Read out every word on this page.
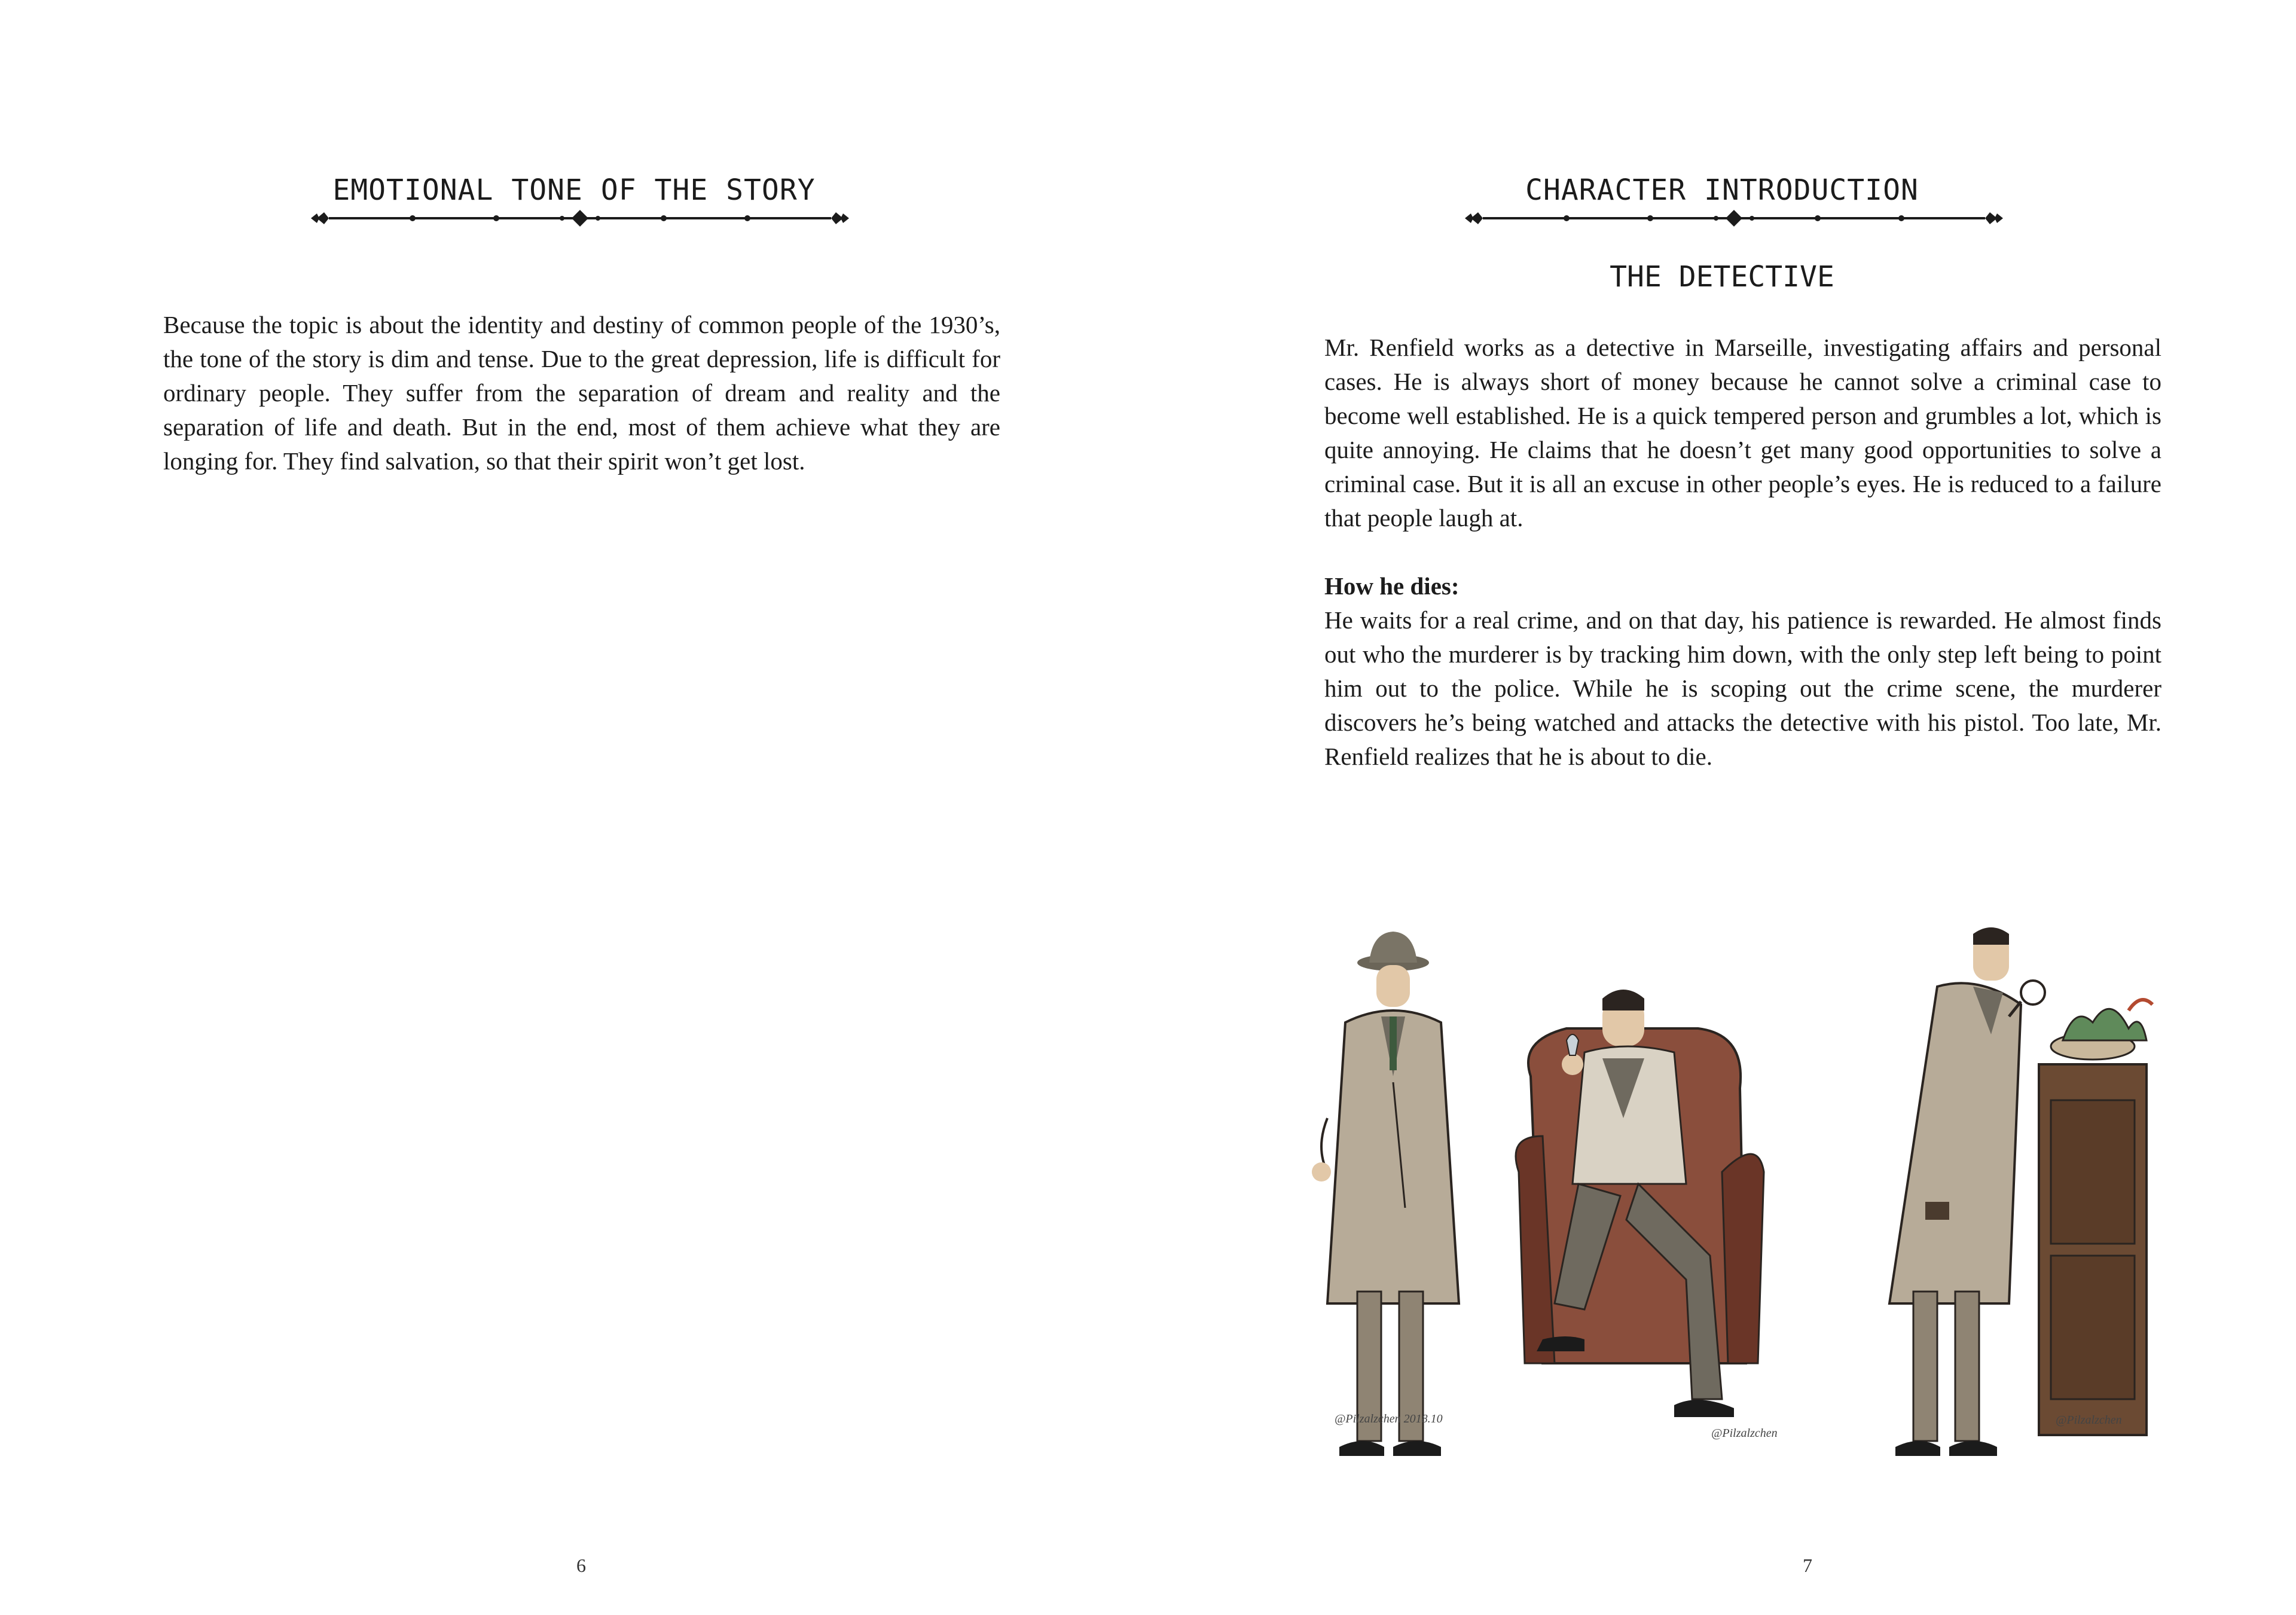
EMOTIONAL TONE OF THE STORY

Because the topic is about the identity and destiny of common people of the 1930’s, the tone of the story is dim and tense. Due to the great depression, life is difficult for ordinary people. They suffer from the separation of dream and reality and the separation of life and death. But in the end, most of them achieve what they are longing for. They find salvation, so that their spirit won’t get lost.

6
CHARACTER INTRODUCTION
THE DETECTIVE

Mr. Renfield works as a detective in Marseille, investigating affairs and personal cases. He is always short of money because he cannot solve a criminal case to become well established. He is a quick tempered person and grumbles a lot, which is quite annoying. He claims that he doesn’t get many good opportunities to solve a criminal case. But it is all an excuse in other people’s eyes. He is reduced to a failure that people laugh at.

How he dies:

He waits for a real crime, and on that day, his patience is rewarded. He almost finds out who the murderer is by tracking him down, with the only step left being to point him out to the police. While he is scoping out the crime scene, the murderer discovers he’s being watched and attacks the detective with his pistol. Too late, Mr. Renfield realizes that he is about to die.

7
@Pilzalzchen 2018.10
@Pilzalzchen
@Pilzalzchen
